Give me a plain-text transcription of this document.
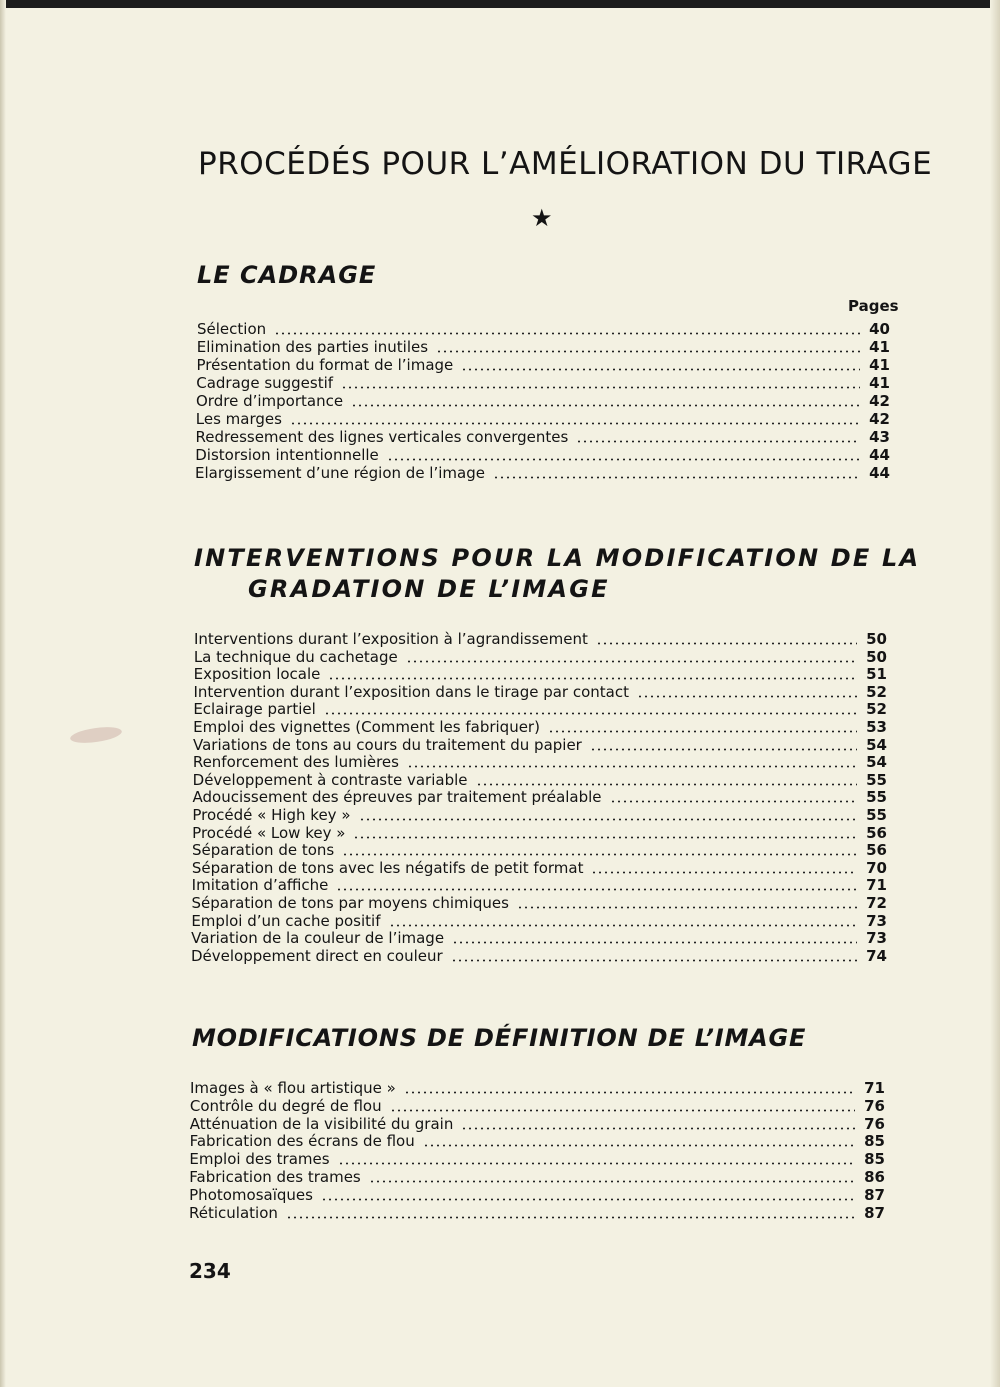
PROCÉDÉS POUR L’AMÉLIORATION DU TIRAGE
★
LE CADRAGE
Pages
INTERVENTIONS POUR LA MODIFICATION DE LA
GRADATION DE L’IMAGE
MODIFICATIONS DE DÉFINITION DE L’IMAGE
Sélection	40
Elimination des parties inutiles	41
Présentation du format de l’image	41
Cadrage suggestif	41
Ordre d’importance	42
Les marges	42
Redressement des lignes verticales convergentes	43
Distorsion intentionnelle	44
Elargissement d’une région de l’image	44
Interventions durant l’exposition à l’agrandissement	50
La technique du cachetage	50
Exposition locale	51
Intervention durant l’exposition dans le tirage par contact	52
Eclairage partiel	52
Emploi des vignettes (Comment les fabriquer)	53
Variations de tons au cours du traitement du papier	54
Renforcement des lumières	54
Développement à contraste variable	55
Adoucissement des épreuves par traitement préalable	55
Procédé « High key »	55
Procédé « Low key »	56
Séparation de tons	56
Séparation de tons avec les négatifs de petit format	70
Imitation d’affiche	71
Séparation de tons par moyens chimiques	72
Emploi d’un cache positif	73
Variation de la couleur de l’image	73
Développement direct en couleur	74
Images à « flou artistique »	71
Contrôle du degré de flou	76
Atténuation de la visibilité du grain	76
Fabrication des écrans de flou	85
Emploi des trames	85
Fabrication des trames	86
Photomosaïques	87
Réticulation	87
234
